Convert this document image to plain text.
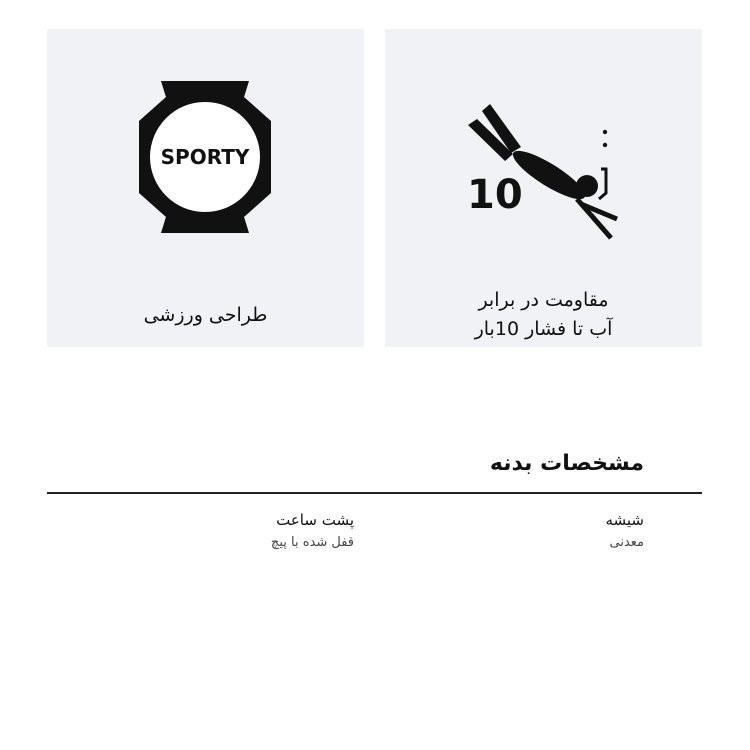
10
مقاومت در برابر
آب تا فشار 10بار
SPORTY
طراحی ورزشی
مشخصات بدنه
شیشه
معدنی
پشت ساعت
قفل شده با پیچ
